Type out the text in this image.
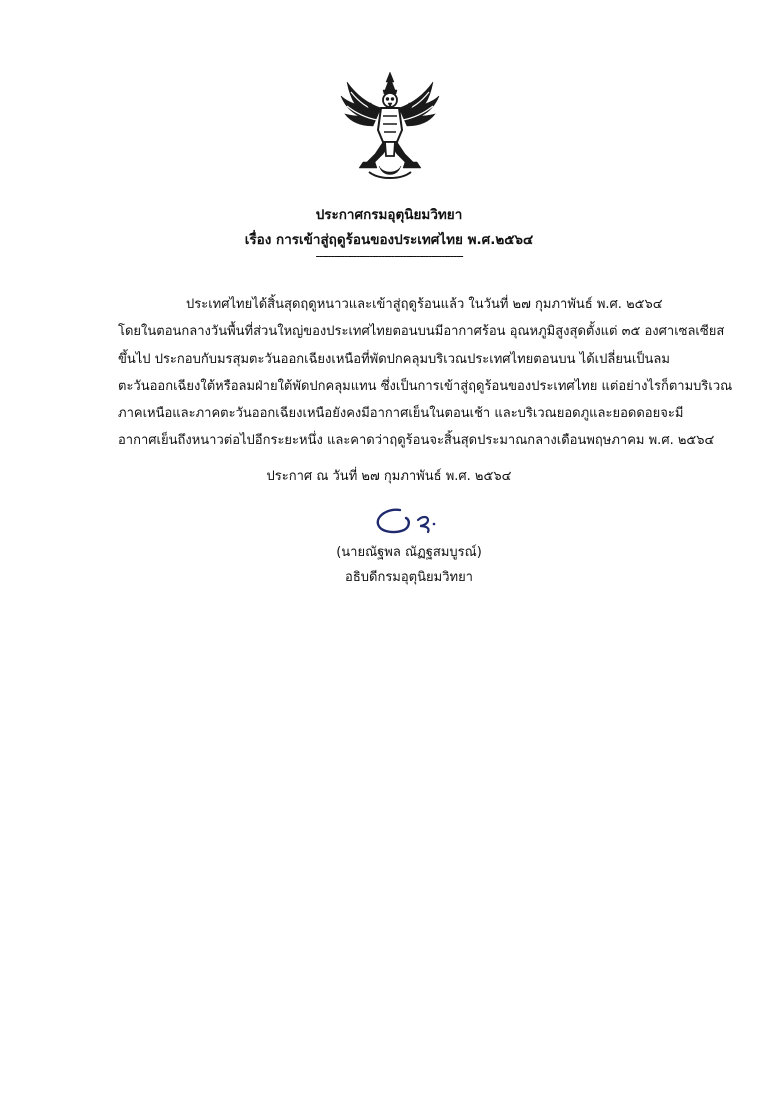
ประกาศกรมอุตุนิยมวิทยา
เรื่อง การเข้าสู่ฤดูร้อนของประเทศไทย พ.ศ.๒๕๖๔
-----------------------------------------------
ประเทศไทยได้สิ้นสุดฤดูหนาวและเข้าสู่ฤดูร้อนแล้ว ในวันที่ ๒๗ กุมภาพันธ์ พ.ศ. ๒๕๖๔
โดยในตอนกลางวันพื้นที่ส่วนใหญ่ของประเทศไทยตอนบนมีอากาศร้อน อุณหภูมิสูงสุดตั้งแต่ ๓๕ องศาเซลเซียส
ขึ้นไป ประกอบกับมรสุมตะวันออกเฉียงเหนือที่พัดปกคลุมบริเวณประเทศไทยตอนบน ได้เปลี่ยนเป็นลม
ตะวันออกเฉียงใต้หรือลมฝ่ายใต้พัดปกคลุมแทน ซึ่งเป็นการเข้าสู่ฤดูร้อนของประเทศไทย แต่อย่างไรก็ตามบริเวณ
ภาคเหนือและภาคตะวันออกเฉียงเหนือยังคงมีอากาศเย็นในตอนเช้า และบริเวณยอดภูและยอดดอยจะมี
อากาศเย็นถึงหนาวต่อไปอีกระยะหนึ่ง และคาดว่าฤดูร้อนจะสิ้นสุดประมาณกลางเดือนพฤษภาคม พ.ศ. ๒๕๖๔
ประกาศ ณ วันที่ ๒๗ กุมภาพันธ์ พ.ศ. ๒๕๖๔
(นายณัฐพล ณัฏฐสมบูรณ์)
อธิบดีกรมอุตุนิยมวิทยา
